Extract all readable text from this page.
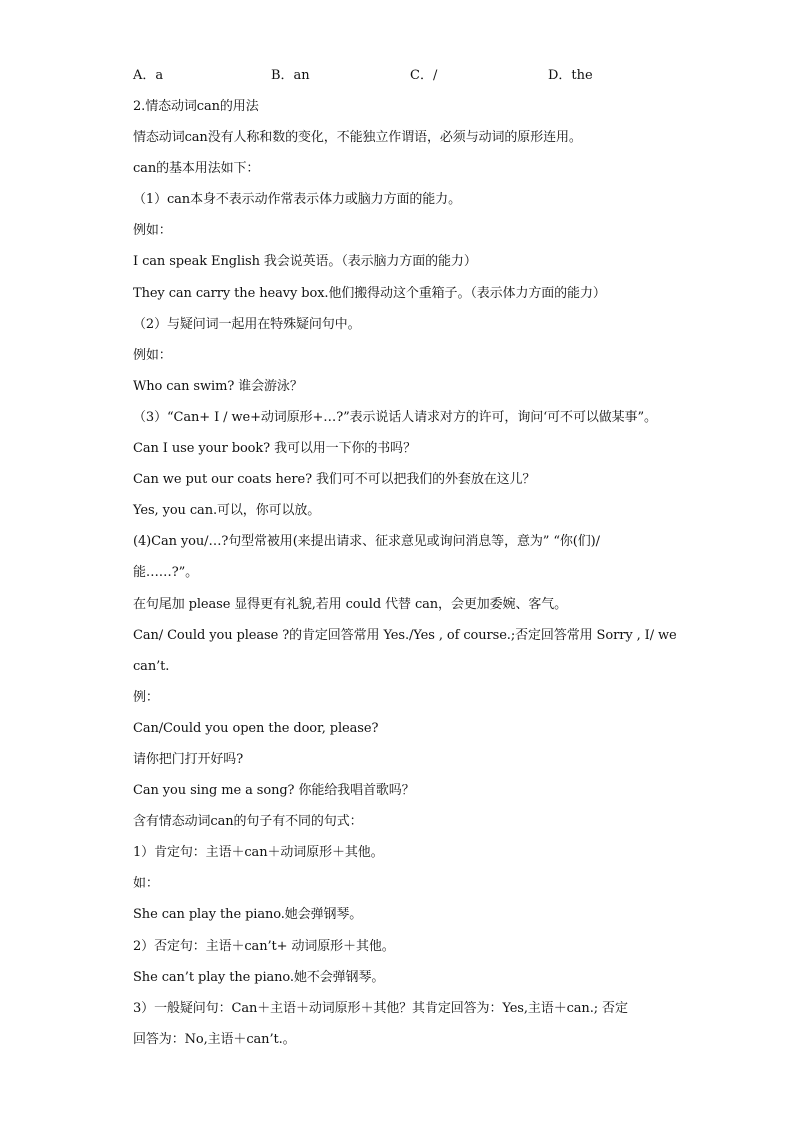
A．a	B．an	C．/	D．the
2.情态动词can的用法
情态动词can没有人称和数的变化，不能独立作谓语，必须与动词的原形连用。
can的基本用法如下：
（1）can本身不表示动作常表示体力或脑力方面的能力。
例如：
I can speak English 我会说英语。（表示脑力方面的能力）
They can carry the heavy box.他们搬得动这个重箱子。（表示体力方面的能力）
（2）与疑问词一起用在特殊疑问句中。
例如：
Who can swim? 谁会游泳？
（3）“Can+ I / we+动词原形+…?”表示说话人请求对方的许可，询问‘可不可以做某事”。
Can I use your book? 我可以用一下你的书吗？
Can we put our coats here? 我们可不可以把我们的外套放在这儿？
Yes, you can.可以，你可以放。
(4)Can you/…?句型常被用(来提出请求、征求意见或询问消息等，意为” “你(们)/
能……?”。
在句尾加 please 显得更有礼貌,若用 could 代替 can，会更加委婉、客气。
Can/ Could you please ?的肯定回答常用 Yes./Yes , of course.;否定回答常用 Sorry , I/ we
can’t.
例：
Can/Could you open the door, please?
请你把门打开好吗?
Can you sing me a song? 你能给我唱首歌吗？
含有情态动词can的句子有不同的句式：
1）肯定句：主语＋can＋动词原形＋其他。
如：
She can play the piano.她会弹钢琴。
2）否定句：主语＋can’t+ 动词原形＋其他。
She can’t play the piano.她不会弹钢琴。
3）一般疑问句：Can＋主语＋动词原形＋其他？其肯定回答为：Yes,主语＋can.; 否定
回答为：No,主语＋can’t.。
